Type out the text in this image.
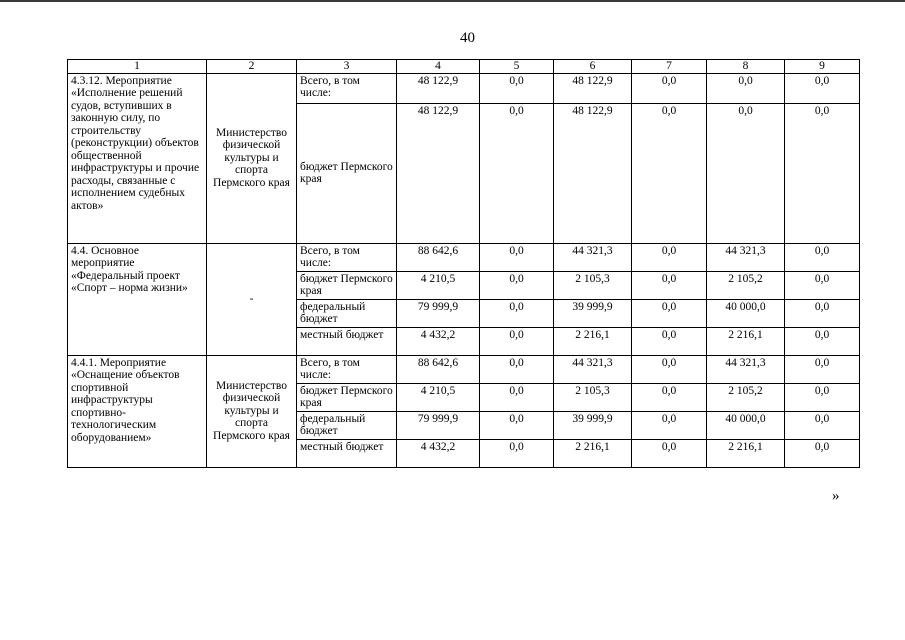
40
1	2	3	4	5	6	7	8	9
4.3.12. Мероприятие «Исполнение решений судов, вступивших в законную силу, по строительству (реконструкции) объектов общественной инфраструктуры и прочие расходы, связанные с исполнением судебных актов»	Министерство физической культуры и спорта Пермского края	Всего, в том числе:	48 122,9	0,0	48 122,9	0,0	0,0	0,0
		бюджет Пермского края	48 122,9	0,0	48 122,9	0,0	0,0	0,0
4.4. Основное мероприятие «Федеральный проект «Спорт – норма жизни»	-	Всего, в том числе:	88 642,6	0,0	44 321,3	0,0	44 321,3	0,0
		бюджет Пермского края	4 210,5	0,0	2 105,3	0,0	2 105,2	0,0
		федеральный бюджет	79 999,9	0,0	39 999,9	0,0	40 000,0	0,0
		местный бюджет	4 432,2	0,0	2 216,1	0,0	2 216,1	0,0
4.4.1. Мероприятие «Оснащение объектов спортивной инфраструктуры спортивно-технологическим оборудованием»	Министерство физической культуры и спорта Пермского края	Всего, в том числе:	88 642,6	0,0	44 321,3	0,0	44 321,3	0,0
		бюджет Пермского края	4 210,5	0,0	2 105,3	0,0	2 105,2	0,0
		федеральный бюджет	79 999,9	0,0	39 999,9	0,0	40 000,0	0,0
		местный бюджет	4 432,2	0,0	2 216,1	0,0	2 216,1	0,0
»
